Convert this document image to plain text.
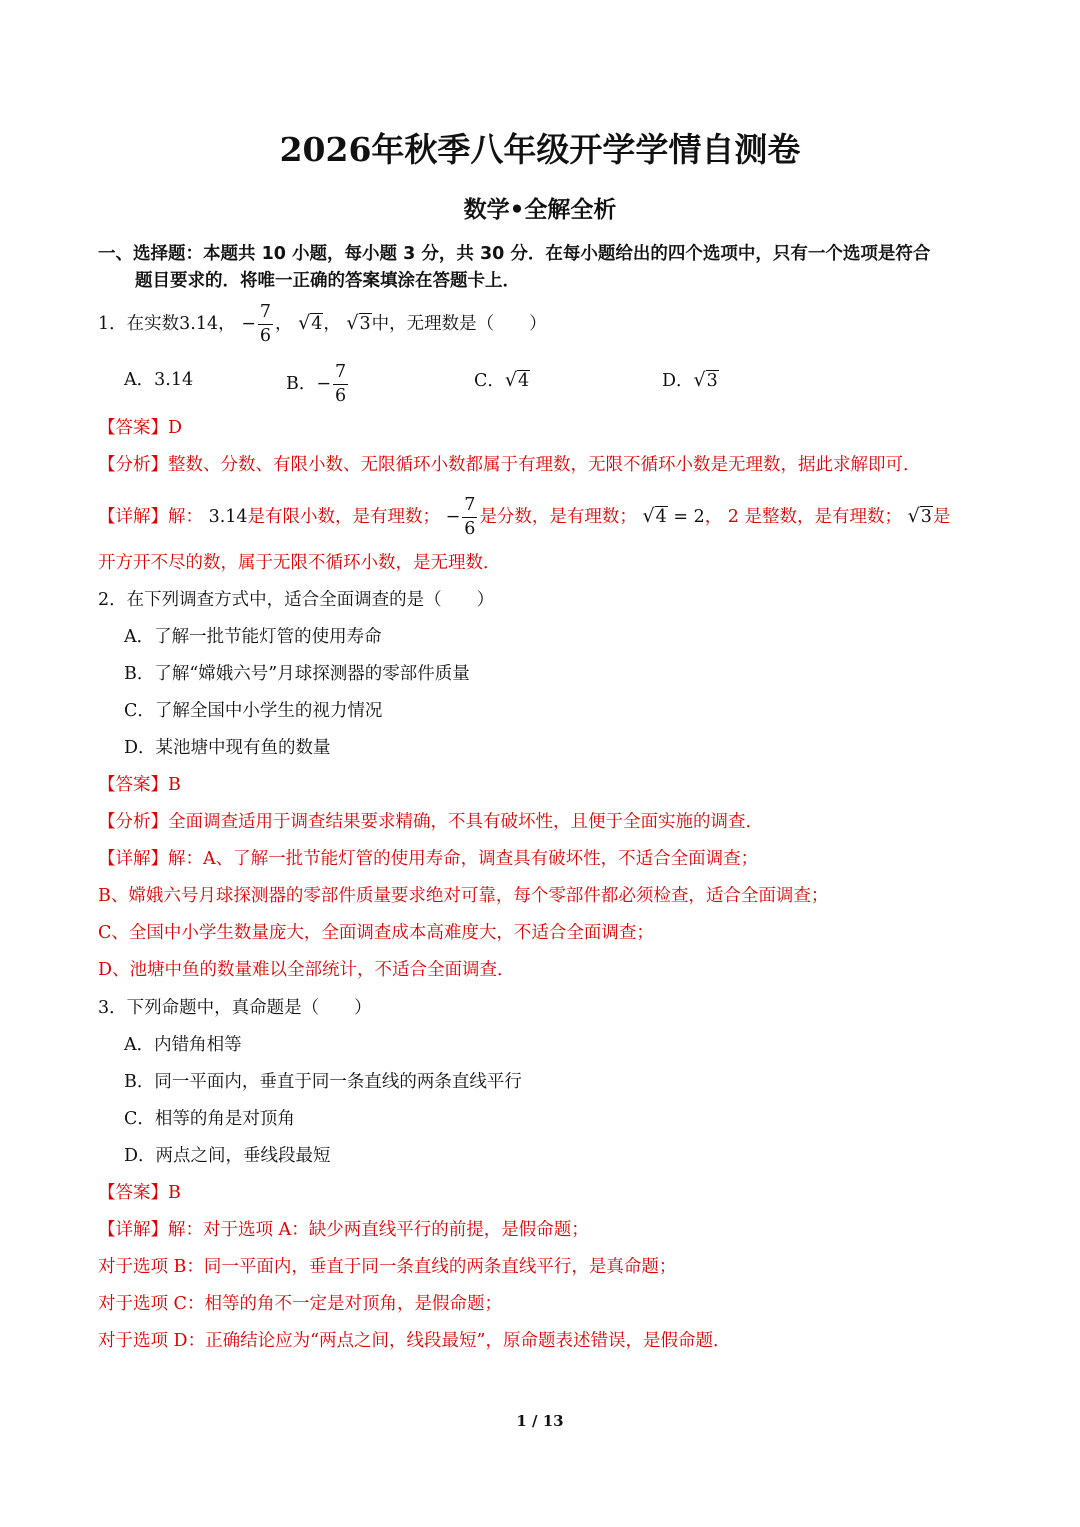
2026年秋季八年级开学学情自测卷
数学•全解全析
一、选择题：本题共 10 小题，每小题 3 分，共 30 分．在每小题给出的四个选项中，只有一个选项是符合
题目要求的．将唯一正确的答案填涂在答题卡上．
1．在实数3.14， − $\frac{7}{6}$ ， √4， √3中，无理数是（　　）
A．3.14	B．− $\frac{7}{6}$	C．√4	D．√3
【答案】D
【分析】整数、分数、有限小数、无限循环小数都属于有理数，无限不循环小数是无理数，据此求解即可．
【详解】解： 3.14是有限小数，是有理数； − $\frac{7}{6}$ 是分数，是有理数； √4 = 2， 2 是整数，是有理数； √3是
开方开不尽的数，属于无限不循环小数，是无理数．
2．在下列调查方式中，适合全面调查的是（　　）
A．了解一批节能灯管的使用寿命
B．了解“嫦娥六号”月球探测器的零部件质量
C．了解全国中小学生的视力情况
D．某池塘中现有鱼的数量
【答案】B
【分析】全面调查适用于调查结果要求精确，不具有破坏性，且便于全面实施的调查．
【详解】解：A、了解一批节能灯管的使用寿命，调查具有破坏性，不适合全面调查；
B、嫦娥六号月球探测器的零部件质量要求绝对可靠，每个零部件都必须检查，适合全面调查；
C、全国中小学生数量庞大，全面调查成本高难度大，不适合全面调查；
D、池塘中鱼的数量难以全部统计，不适合全面调查．
3．下列命题中，真命题是（　　）
A．内错角相等
B．同一平面内，垂直于同一条直线的两条直线平行
C．相等的角是对顶角
D．两点之间，垂线段最短
【答案】B
【详解】解：对于选项 A：缺少两直线平行的前提，是假命题；
对于选项 B：同一平面内，垂直于同一条直线的两条直线平行，是真命题；
对于选项 C：相等的角不一定是对顶角，是假命题；
对于选项 D：正确结论应为“两点之间，线段最短”，原命题表述错误，是假命题．
1 / 13
